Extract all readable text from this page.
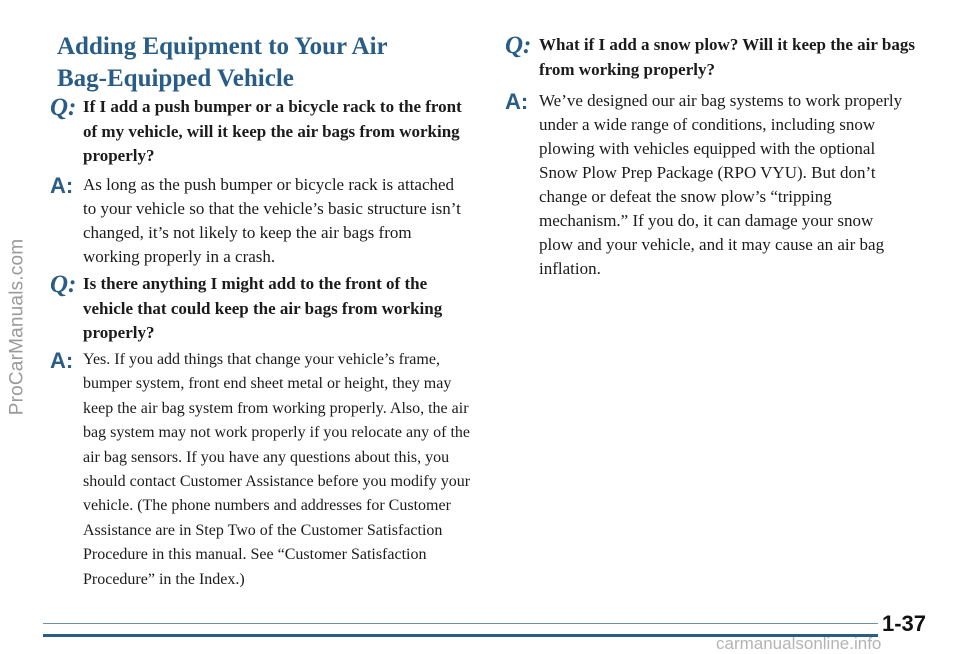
ProCarManuals.com
Adding Equipment to Your Air Bag-Equipped Vehicle
Q: If I add a push bumper or a bicycle rack to the front of my vehicle, will it keep the air bags from working properly?
A: As long as the push bumper or bicycle rack is attached to your vehicle so that the vehicle’s basic structure isn’t changed, it’s not likely to keep the air bags from working properly in a crash.
Q: Is there anything I might add to the front of the vehicle that could keep the air bags from working properly?
A: Yes. If you add things that change your vehicle’s frame, bumper system, front end sheet metal or height, they may keep the air bag system from working properly. Also, the air bag system may not work properly if you relocate any of the air bag sensors. If you have any questions about this, you should contact Customer Assistance before you modify your vehicle. (The phone numbers and addresses for Customer Assistance are in Step Two of the Customer Satisfaction Procedure in this manual. See “Customer Satisfaction Procedure” in the Index.)
Q: What if I add a snow plow? Will it keep the air bags from working properly?
A: We’ve designed our air bag systems to work properly under a wide range of conditions, including snow plowing with vehicles equipped with the optional Snow Plow Prep Package (RPO VYU). But don’t change or defeat the snow plow’s “tripping mechanism.” If you do, it can damage your snow plow and your vehicle, and it may cause an air bag inflation.
1-37
carmanualsonline.info
